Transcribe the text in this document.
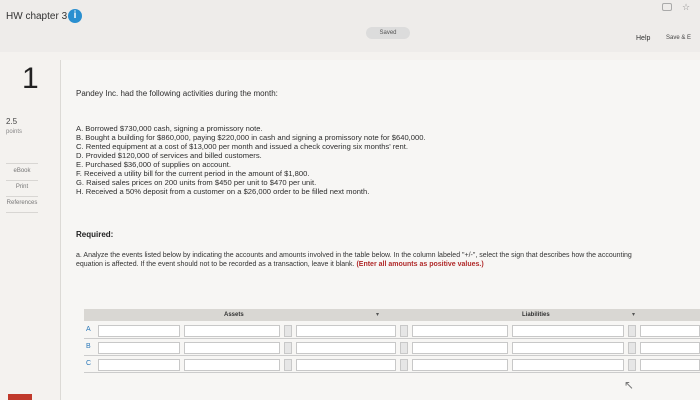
HW chapter 3 i
Saved
☆
Help	Save & E
1
2.5
points
eBook
Print
References
Pandey Inc. had the following activities during the month:
A. Borrowed $730,000 cash, signing a promissory note.
B. Bought a building for $860,000, paying $220,000 in cash and signing a promissory note for $640,000.
C. Rented equipment at a cost of $13,000 per month and issued a check covering six months' rent.
D. Provided $120,000 of services and billed customers.
E. Purchased $36,000 of supplies on account.
F. Received a utility bill for the current period in the amount of $1,800.
G. Raised sales prices on 200 units from $450 per unit to $470 per unit.
H. Received a 50% deposit from a customer on a $26,000 order to be filled next month.
Required:
a. Analyze the events listed below by indicating the accounts and amounts involved in the table below. In the column labeled "+/-", select the sign that describes how the accounting equation is affected. If the event should not to be recorded as a transaction, leave it blank. (Enter all amounts as positive values.)
Assets	▾	Liabilities	▾
A
B
C
↖
